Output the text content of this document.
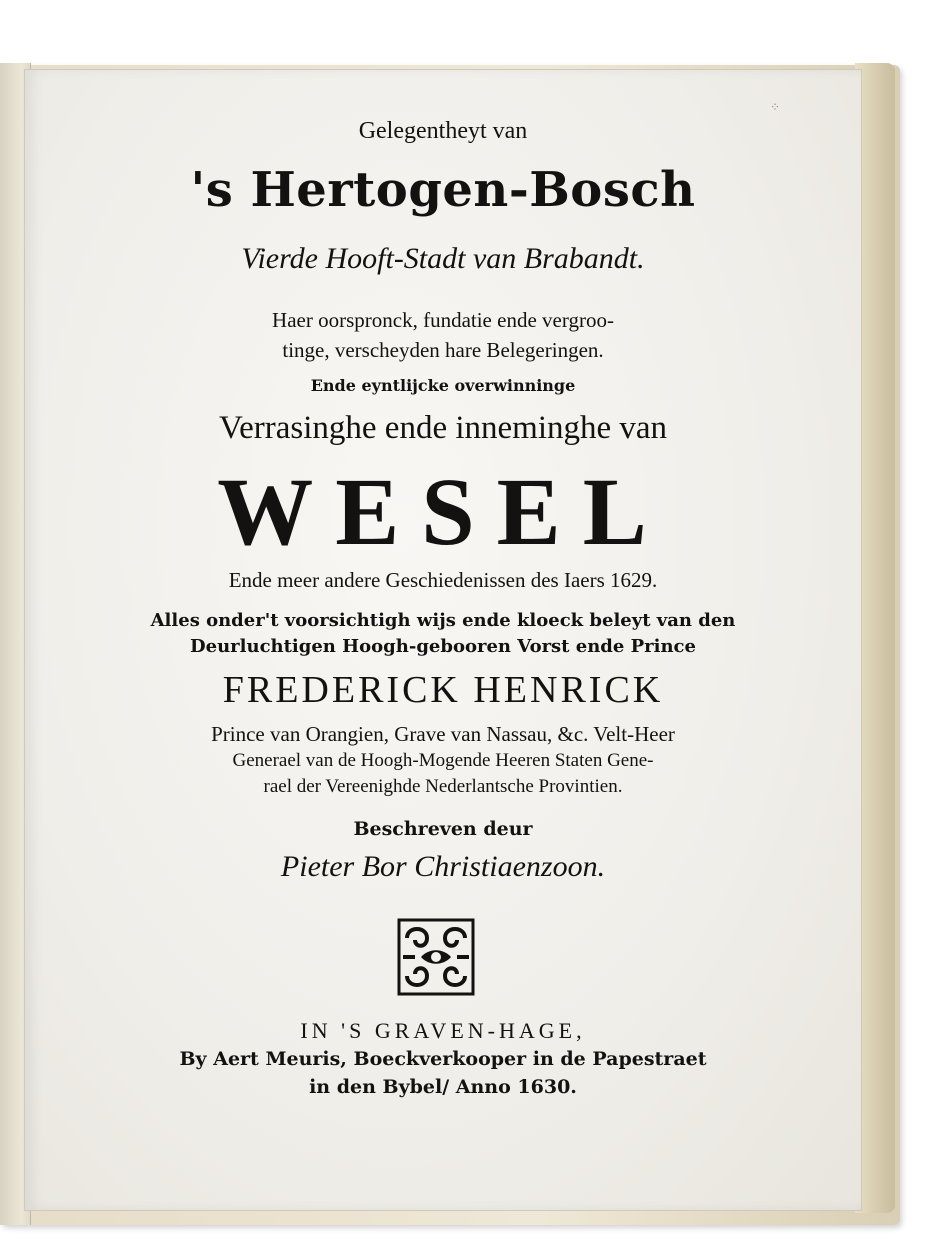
⁘
Gelegentheyt van
's Hertogen-Bosch
Vierde Hooft-Stadt van Brabandt.
Haer oorspronck, fundatie ende vergroo-
tinge, verscheyden hare Belegeringen.
Ende eyntlijcke overwinninge
Verrasinghe ende inneminghe van
WESEL
Ende meer andere Geschiedenissen des Iaers 1629.
Alles onder't voorsichtigh wijs ende kloeck beleyt van den
Deurluchtigen Hoogh-gebooren Vorst ende Prince
FREDERICK HENRICK
Prince van Orangien, Grave van Nassau, &c. Velt-Heer
Generael van de Hoogh-Mogende Heeren Staten Gene-
rael der Vereenighde Nederlantsche Provintien.
Beschreven deur
Pieter Bor Christiaenzoon.
IN 'S GRAVEN-HAGE,
By Aert Meuris, Boeckverkooper in de Papestraet
in den Bybel/ Anno 1630.
